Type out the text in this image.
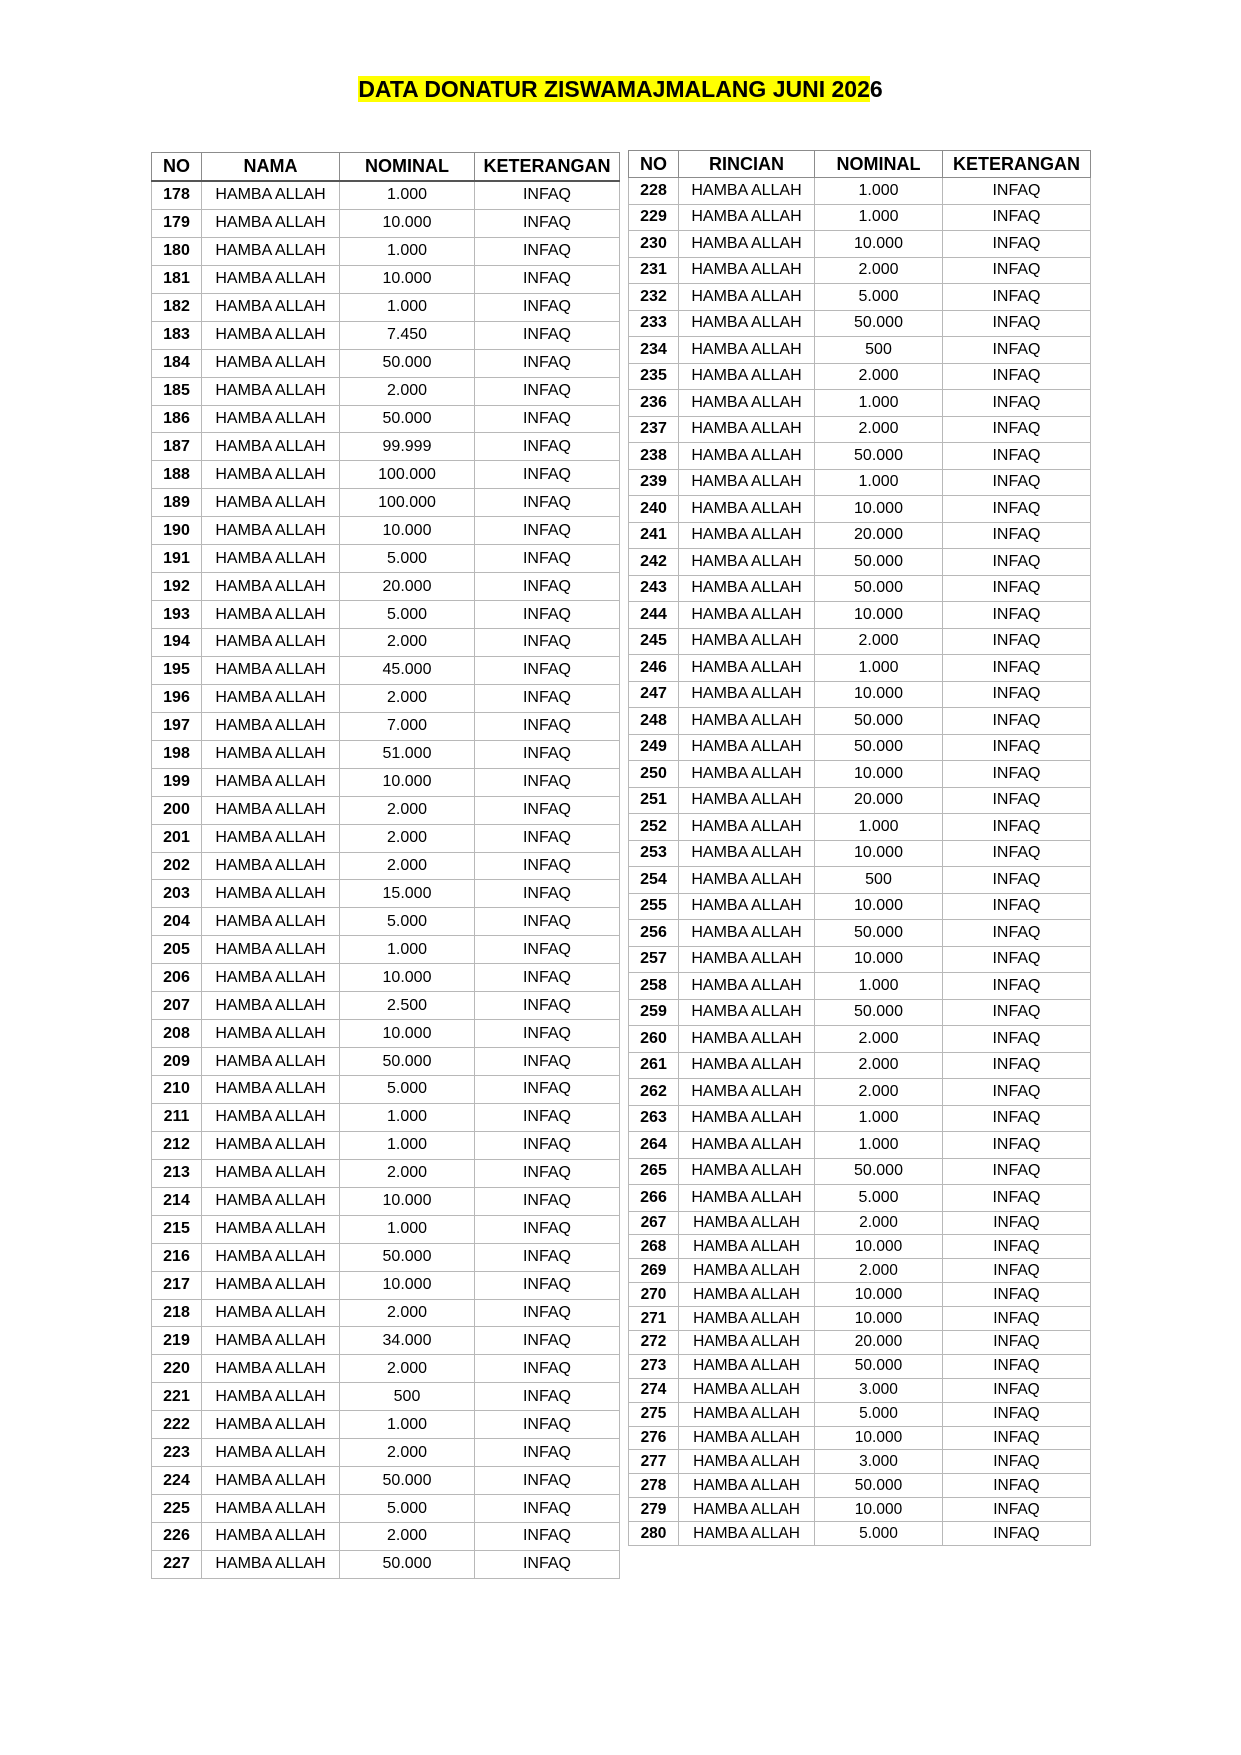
DATA DONATUR ZISWAMAJMALANG JUNI 2026
NO	NAMA	NOMINAL	KETERANGAN
178	HAMBA ALLAH	1.000	INFAQ
179	HAMBA ALLAH	10.000	INFAQ
180	HAMBA ALLAH	1.000	INFAQ
181	HAMBA ALLAH	10.000	INFAQ
182	HAMBA ALLAH	1.000	INFAQ
183	HAMBA ALLAH	7.450	INFAQ
184	HAMBA ALLAH	50.000	INFAQ
185	HAMBA ALLAH	2.000	INFAQ
186	HAMBA ALLAH	50.000	INFAQ
187	HAMBA ALLAH	99.999	INFAQ
188	HAMBA ALLAH	100.000	INFAQ
189	HAMBA ALLAH	100.000	INFAQ
190	HAMBA ALLAH	10.000	INFAQ
191	HAMBA ALLAH	5.000	INFAQ
192	HAMBA ALLAH	20.000	INFAQ
193	HAMBA ALLAH	5.000	INFAQ
194	HAMBA ALLAH	2.000	INFAQ
195	HAMBA ALLAH	45.000	INFAQ
196	HAMBA ALLAH	2.000	INFAQ
197	HAMBA ALLAH	7.000	INFAQ
198	HAMBA ALLAH	51.000	INFAQ
199	HAMBA ALLAH	10.000	INFAQ
200	HAMBA ALLAH	2.000	INFAQ
201	HAMBA ALLAH	2.000	INFAQ
202	HAMBA ALLAH	2.000	INFAQ
203	HAMBA ALLAH	15.000	INFAQ
204	HAMBA ALLAH	5.000	INFAQ
205	HAMBA ALLAH	1.000	INFAQ
206	HAMBA ALLAH	10.000	INFAQ
207	HAMBA ALLAH	2.500	INFAQ
208	HAMBA ALLAH	10.000	INFAQ
209	HAMBA ALLAH	50.000	INFAQ
210	HAMBA ALLAH	5.000	INFAQ
211	HAMBA ALLAH	1.000	INFAQ
212	HAMBA ALLAH	1.000	INFAQ
213	HAMBA ALLAH	2.000	INFAQ
214	HAMBA ALLAH	10.000	INFAQ
215	HAMBA ALLAH	1.000	INFAQ
216	HAMBA ALLAH	50.000	INFAQ
217	HAMBA ALLAH	10.000	INFAQ
218	HAMBA ALLAH	2.000	INFAQ
219	HAMBA ALLAH	34.000	INFAQ
220	HAMBA ALLAH	2.000	INFAQ
221	HAMBA ALLAH	500	INFAQ
222	HAMBA ALLAH	1.000	INFAQ
223	HAMBA ALLAH	2.000	INFAQ
224	HAMBA ALLAH	50.000	INFAQ
225	HAMBA ALLAH	5.000	INFAQ
226	HAMBA ALLAH	2.000	INFAQ
227	HAMBA ALLAH	50.000	INFAQ
NO	RINCIAN	NOMINAL	KETERANGAN
228	HAMBA ALLAH	1.000	INFAQ
229	HAMBA ALLAH	1.000	INFAQ
230	HAMBA ALLAH	10.000	INFAQ
231	HAMBA ALLAH	2.000	INFAQ
232	HAMBA ALLAH	5.000	INFAQ
233	HAMBA ALLAH	50.000	INFAQ
234	HAMBA ALLAH	500	INFAQ
235	HAMBA ALLAH	2.000	INFAQ
236	HAMBA ALLAH	1.000	INFAQ
237	HAMBA ALLAH	2.000	INFAQ
238	HAMBA ALLAH	50.000	INFAQ
239	HAMBA ALLAH	1.000	INFAQ
240	HAMBA ALLAH	10.000	INFAQ
241	HAMBA ALLAH	20.000	INFAQ
242	HAMBA ALLAH	50.000	INFAQ
243	HAMBA ALLAH	50.000	INFAQ
244	HAMBA ALLAH	10.000	INFAQ
245	HAMBA ALLAH	2.000	INFAQ
246	HAMBA ALLAH	1.000	INFAQ
247	HAMBA ALLAH	10.000	INFAQ
248	HAMBA ALLAH	50.000	INFAQ
249	HAMBA ALLAH	50.000	INFAQ
250	HAMBA ALLAH	10.000	INFAQ
251	HAMBA ALLAH	20.000	INFAQ
252	HAMBA ALLAH	1.000	INFAQ
253	HAMBA ALLAH	10.000	INFAQ
254	HAMBA ALLAH	500	INFAQ
255	HAMBA ALLAH	10.000	INFAQ
256	HAMBA ALLAH	50.000	INFAQ
257	HAMBA ALLAH	10.000	INFAQ
258	HAMBA ALLAH	1.000	INFAQ
259	HAMBA ALLAH	50.000	INFAQ
260	HAMBA ALLAH	2.000	INFAQ
261	HAMBA ALLAH	2.000	INFAQ
262	HAMBA ALLAH	2.000	INFAQ
263	HAMBA ALLAH	1.000	INFAQ
264	HAMBA ALLAH	1.000	INFAQ
265	HAMBA ALLAH	50.000	INFAQ
266	HAMBA ALLAH	5.000	INFAQ
267	HAMBA ALLAH	2.000	INFAQ
268	HAMBA ALLAH	10.000	INFAQ
269	HAMBA ALLAH	2.000	INFAQ
270	HAMBA ALLAH	10.000	INFAQ
271	HAMBA ALLAH	10.000	INFAQ
272	HAMBA ALLAH	20.000	INFAQ
273	HAMBA ALLAH	50.000	INFAQ
274	HAMBA ALLAH	3.000	INFAQ
275	HAMBA ALLAH	5.000	INFAQ
276	HAMBA ALLAH	10.000	INFAQ
277	HAMBA ALLAH	3.000	INFAQ
278	HAMBA ALLAH	50.000	INFAQ
279	HAMBA ALLAH	10.000	INFAQ
280	HAMBA ALLAH	5.000	INFAQ
